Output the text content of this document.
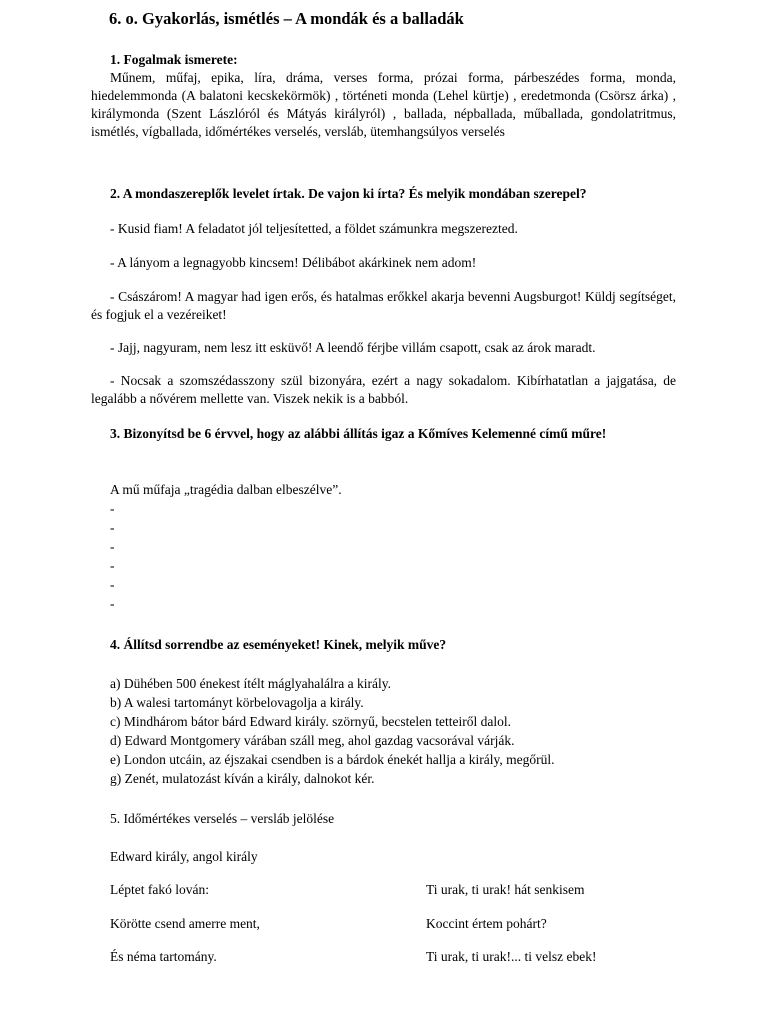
6. o. Gyakorlás, ismétlés – A mondák és a balladák

1. Fogalmak ismerete:

Műnem, műfaj, epika, líra, dráma, verses forma, prózai forma, párbeszédes forma, monda, hiedelemmonda (A balatoni kecskekörmök) , történeti monda (Lehel kürtje) , eredetmonda (Csörsz árka) , királymonda (Szent Lászlóról és Mátyás királyról) , ballada, népballada, műballada, gondolatritmus, ismétlés, vígballada, időmértékes verselés, versláb, ütemhangsúlyos verselés

2. A mondaszereplők levelet írtak. De vajon ki írta? És melyik mondában szerepel?

- Kusid fiam! A feladatot jól teljesítetted, a földet számunkra megszerezted.

- A lányom a legnagyobb kincsem! Délibábot akárkinek nem adom!

- Császárom! A magyar had igen erős, és hatalmas erőkkel akarja bevenni Augsburgot! Küldj segítséget, és fogjuk el a vezéreiket!

- Jajj, nagyuram, nem lesz itt esküvő! A leendő férjbe villám csapott, csak az árok maradt.

- Nocsak a szomszédasszony szül bizonyára, ezért a nagy sokadalom. Kibírhatatlan a jajgatása, de legalább a nővérem mellette van. Viszek nekik is a babból.

3. Bizonyítsd be 6 érvvel, hogy az alábbi állítás igaz a Kőmíves Kelemenné című műre!

A mű műfaja „tragédia dalban elbeszélve”.

-

-

-

-

-

-

4. Állítsd sorrendbe az eseményeket! Kinek, melyik műve?

a) Dühében 500 énekest ítélt máglyahalálra a király.

b) A walesi tartományt körbelovagolja a király.

c) Mindhárom bátor bárd Edward király. szörnyű, becstelen tetteiről dalol.

d) Edward Montgomery várában száll meg, ahol gazdag vacsorával várják.

e) London utcáin, az éjszakai csendben is a bárdok énekét hallja a király, megőrül.

g) Zenét, mulatozást kíván a király, dalnokot kér.

5. Időmértékes verselés – versláb jelölése

Edward király, angol király

Léptet fakó lován:	Ti urak, ti urak! hát senkisem

Körötte csend amerre ment,	Koccint értem pohárt?

És néma tartomány.	Ti urak, ti urak!... ti velsz ebek!
